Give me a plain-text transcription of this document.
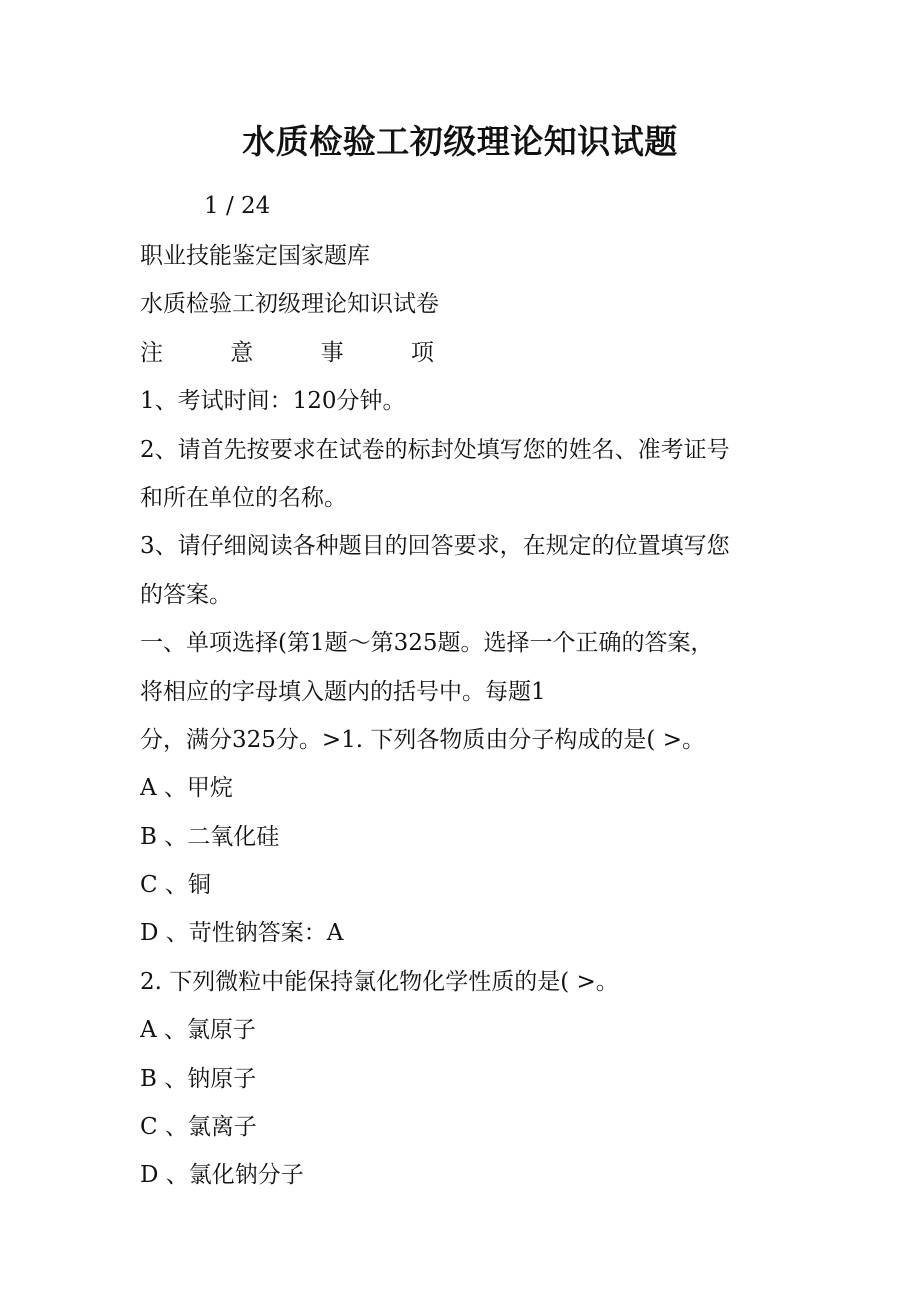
水质检验工初级理论知识试题
1 / 24
职业技能鉴定国家题库
水质检验工初级理论知识试卷
注 意 事 项
1、考试时间：120分钟。
2、请首先按要求在试卷的标封处填写您的姓名、准考证号
和所在单位的名称。
3、请仔细阅读各种题目的回答要求，在规定的位置填写您
的答案。
一、单项选择(第1题～第325题。选择一个正确的答案，
将相应的字母填入题内的括号中。每题1
分，满分325分。>1. 下列各物质由分子构成的是( >。
A 、甲烷
B 、二氧化硅
C 、铜
D 、苛性钠答案：A
2. 下列微粒中能保持氯化物化学性质的是( >。
A 、氯原子
B 、钠原子
C 、氯离子
D 、氯化钠分子
